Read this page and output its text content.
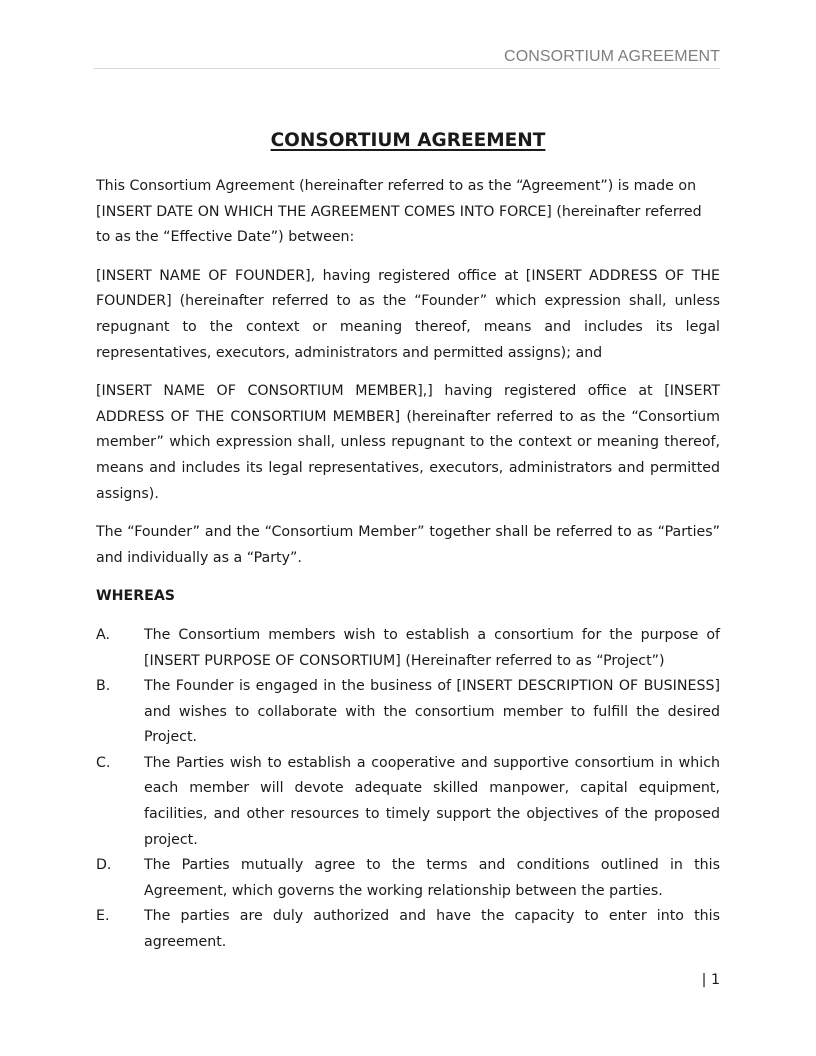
CONSORTIUM AGREEMENT
CONSORTIUM AGREEMENT

This Consortium Agreement (hereinafter referred to as the “Agreement”) is made on [INSERT DATE ON WHICH THE AGREEMENT COMES INTO FORCE] (hereinafter referred to as the “Effective Date”) between:

[INSERT NAME OF FOUNDER], having registered office at [INSERT ADDRESS OF THE FOUNDER] (hereinafter referred to as the “Founder” which expression shall, unless repugnant to the context or meaning thereof, means and includes its legal representatives, executors, administrators and permitted assigns); and

[INSERT NAME OF CONSORTIUM MEMBER],] having registered office at [INSERT ADDRESS OF THE CONSORTIUM MEMBER] (hereinafter referred to as the “Consortium member” which expression shall, unless repugnant to the context or meaning thereof, means and includes its legal representatives, executors, administrators and permitted assigns).

The “Founder” and the “Consortium Member” together shall be referred to as “Parties” and individually as a “Party”.

WHEREAS
A. The Consortium members wish to establish a consortium for the purpose of [INSERT PURPOSE OF CONSORTIUM] (Hereinafter referred to as “Project”)
B. The Founder is engaged in the business of [INSERT DESCRIPTION OF BUSINESS] and wishes to collaborate with the consortium member to fulfill the desired Project.
C. The Parties wish to establish a cooperative and supportive consortium in which each member will devote adequate skilled manpower, capital equipment, facilities, and other resources to timely support the objectives of the proposed project.
D. The Parties mutually agree to the terms and conditions outlined in this Agreement, which governs the working relationship between the parties.
E. The parties are duly authorized and have the capacity to enter into this agreement.
| 1
